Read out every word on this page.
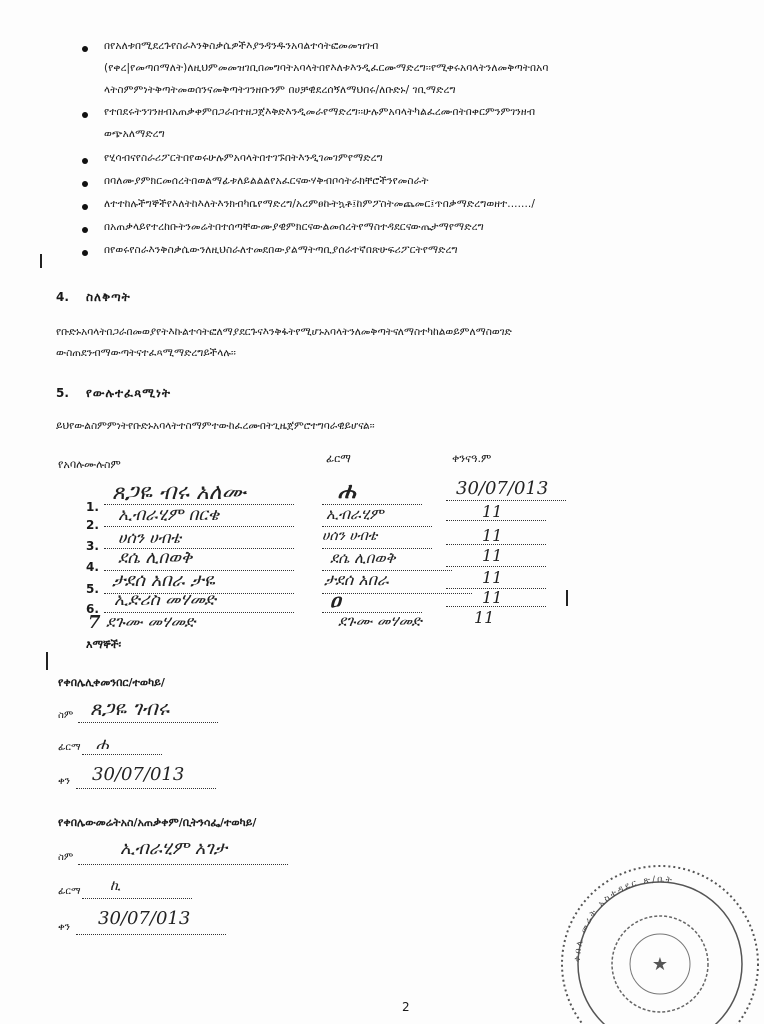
በየአለቱበሚደረጉየስራእንቅስቃሴዎችእያንዳንዱንአባልተሳትፎመመዝገብ
(የቀረ|የመጣበማለት)ለዚህምመመዝገቢበመግባትአባላትበየእለቱእንዲፈርሙማድረግ፡፡የሚቀሩአባላትንለመቅጣትበአባ
ላትስምምነትቅጣትመወሰንናመቅጣትገንዘቡንም በሀቻዊደረሰኝለማህበሩ/ለቡድኑ/ ገቢማድረግ
የተበደሩትንገንዘብአጠቃቀምበጋራበተዘጋጀእቅድእንዲመራየማድረግ፡፡ሁሉምአባላትካልፈረሙበትበቀርምንምገንዘብ
ወጭአለማድረግ
የሂሳብናየስራሪፖርትበየወሩሁሉምአባላትበተገኙበትእንዲገመገምየማድረግ
በባለሙያምክርመሰረትበወልማፊቱለይልልልየአፈርናውሃቅብቦሳትራክቸሮችንየመስራት
ለተተከሉችግኞችየእለትከእለትእንክብካቤየማድረግ/አረምፀኩትኳቶ፤ከምፖስትመጨመር፤ጥበቃማድረግወዘተ......./
በአጠቃላይየተረከቡትንመሬትበተሰጣቸውሙያዊምክርናውልመሰረትየማስተዳደርናውጤታማየማድረግ
በየወሩየስራእንቅስቃሴውንለዚህስራለተመደበውያልማትጣቢያሰራተኛበጽሁፍሪፖርትየማድረግ
4. ስለቅጣት
የቡድኑአባላትበጋራበመወያየትእኩልተሳትፎለማያደርጉናእንቅፋትየሚሆኑአባላትንለመቅጣትናለማስተካከልወይምለማስወገድ
ውስጠደንብማውጣትናተፈጻሚማድረግይችላሉ፡፡
5. የውሉተፈጻሚነት
ይህየውልስምምነትየቡድኑአባላትተስማምተውከፈረሙበትጊዜጀምሮተግባራዊይሆናል፡፡
የአባሉሙሉስም	ፊርማ	ቀንናዓ.ም
1.
ጸጋዬ ብሩ አለሙ	ሐ	30/07/013
2. ኢብራሂም በርቄ	ኢብራሂም	11
3. ሀሰን ሀብቴ	ሀሰን ሀብቴ	11
4. ደሴ ሊበወቅ	ደሴ ሊበወቅ	11
5. ታደሰ አበራ ታዬ	ታደሰ አበራ	11
6. ኢድሪስ መሃመድ	ዐ	11
7 ደጉሙ መሃመድ	ደጉሙ መሃመድ	11
እማኞች፡
የቀበሌሊቀመንበር/ተወካይ/
ስም ጸጋዬ ገብሩ
ፊርማ ሐ
ቀን 30/07/013
የቀበሌውመሬትአስ/አጠቃቀም/ቢትንሳፌ/ተወካይ/
ስም	ኢብራሂም አገታ
ፊርማ ኪ
ቀን 30/07/013
ቀበሌ መሬት አስተዳደር ጽ/ቤት
★
2
